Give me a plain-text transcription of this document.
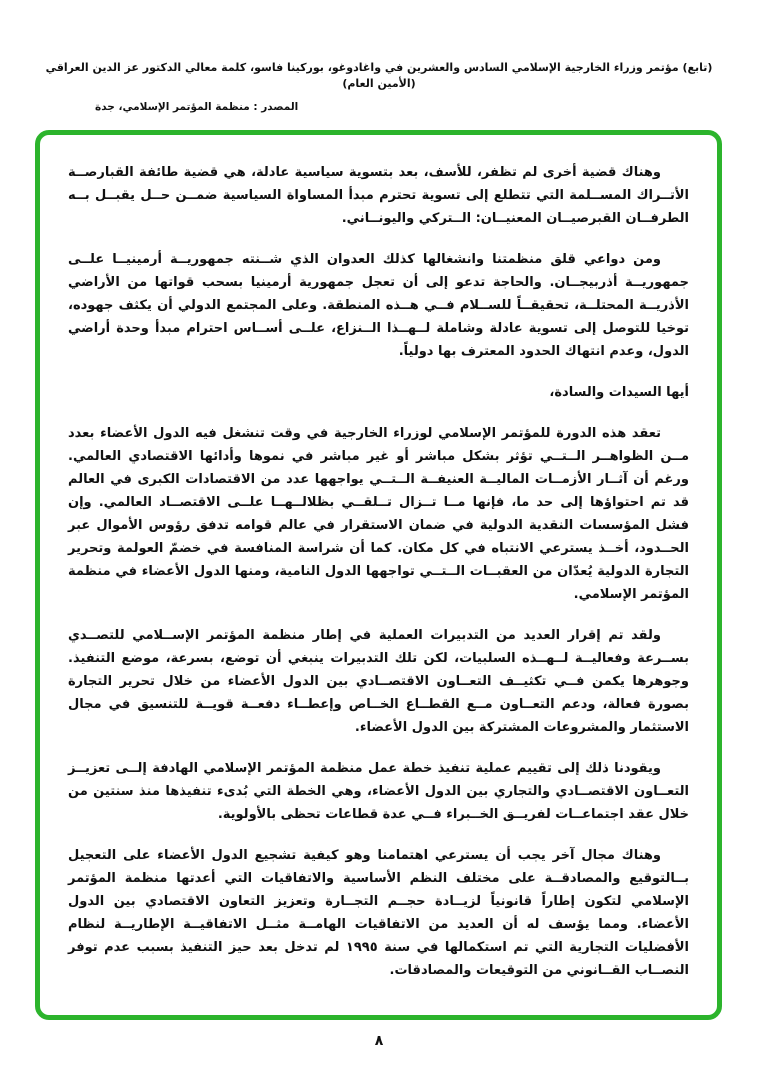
(تابع) مؤتمر وزراء الخارجية الإسلامي السادس والعشرين في واغادوغو، بوركينا فاسو، كلمة معالي الدكتور عز الدين العراقي (الأمين العام)
المصدر : منظمة المؤتمر الإسلامي، جدة

وهناك قضية أخرى لم تظفر، للأسف، بعد بتسوية سياسية عادلة، هي قضية طائفة القبارصــة الأتــراك المســلمة التي تتطلع إلى تسوية تحترم مبدأ المساواة السياسية ضمــن حــل يقبــل بــه الطرفــان القبرصيــان المعنيــان: الــتركي واليونــاني.

ومن دواعي قلق منظمتنا وانشغالها كذلك العدوان الذي شــنته جمهوريــة أرمينيــا علــى جمهوريــة أذربيجــان. والحاجة تدعو إلى أن تعجل جمهورية أرمينيا بسحب قواتها من الأراضي الأذريــة المحتلــة، تحقيقــاً للســلام فــي هــذه المنطقة. وعلى المجتمع الدولي أن يكثف جهوده، توخيا للتوصل إلى تسوية عادلة وشاملة لــهــذا الــنزاع، علــى أســاس احترام مبدأ وحدة أراضي الدول، وعدم انتهاك الحدود المعترف بها دولياً.

أيها السيدات والسادة،

تعقد هذه الدورة للمؤتمر الإسلامي لوزراء الخارجية في وقت تنشغل فيه الدول الأعضاء بعدد مــن الظواهــر الــتــي تؤثر بشكل مباشر أو غير مباشر في نموها وأدائها الاقتصادي العالمي. ورغم أن آثــار الأزمــات الماليــة العنيفــة الــتــي يواجهها عدد من الاقتصادات الكبرى في العالم قد تم احتواؤها إلى حد ما، فإنها مــا تــزال تــلقــي بظلالــهــا علــى الاقتصــاد العالمي. وإن فشل المؤسسات النقدية الدولية في ضمان الاستقرار في عالم قوامه تدفق رؤوس الأموال عبر الحــدود، أخــذ يسترعي الانتباه في كل مكان. كما أن شراسة المنافسة في خضمّ العولمة وتحرير التجارة الدولية يُعدّان من العقبــات الــتــي تواجهها الدول النامية، ومنها الدول الأعضاء في منظمة المؤتمر الإسلامي.

ولقد تم إقرار العديد من التدبيرات العملية في إطار منظمة المؤتمر الإســلامي للتصــدي بســرعة وفعاليــة لــهــذه السلبيات، لكن تلك التدبيرات ينبغي أن توضع، بسرعة، موضع التنفيذ. وجوهرها يكمن فــي تكثيــف التعــاون الاقتصــادي بين الدول الأعضاء من خلال تحرير التجارة بصورة فعالة، ودعم التعــاون مــع القطــاع الخــاص وإعطــاء دفعــة قويــة للتنسيق في مجال الاستثمار والمشروعات المشتركة بين الدول الأعضاء.

ويقودنا ذلك إلى تقييم عملية تنفيذ خطة عمل منظمة المؤتمر الإسلامي الهادفة إلــى تعزيــز التعــاون الاقتصــادي والتجاري بين الدول الأعضاء، وهي الخطة التي بُدىء تنفيذها منذ سنتين من خلال عقد اجتماعــات لفريــق الخــبراء فــي عدة قطاعات تحظى بالأولوية.

وهناك مجال آخر يجب أن يسترعي اهتمامنا وهو كيفية تشجيع الدول الأعضاء على التعجيل بــالتوقيع والمصادقــة على مختلف النظم الأساسية والاتفاقيات التي أعدتها منظمة المؤتمر الإسلامي لتكون إطاراً قانونياً لزيــادة حجــم التجــارة وتعزيز التعاون الاقتصادي بين الدول الأعضاء. ومما يؤسف له أن العديد من الاتفاقيات الهامــة مثــل الاتفاقيــة الإطاريــة لنظام الأفضليات التجارية التي تم استكمالها في سنة ١٩٩٥ لم تدخل بعد حيز التنفيذ بسبب عدم توفر النصــاب القــانوني من التوقيعات والمصادقات.

٨
